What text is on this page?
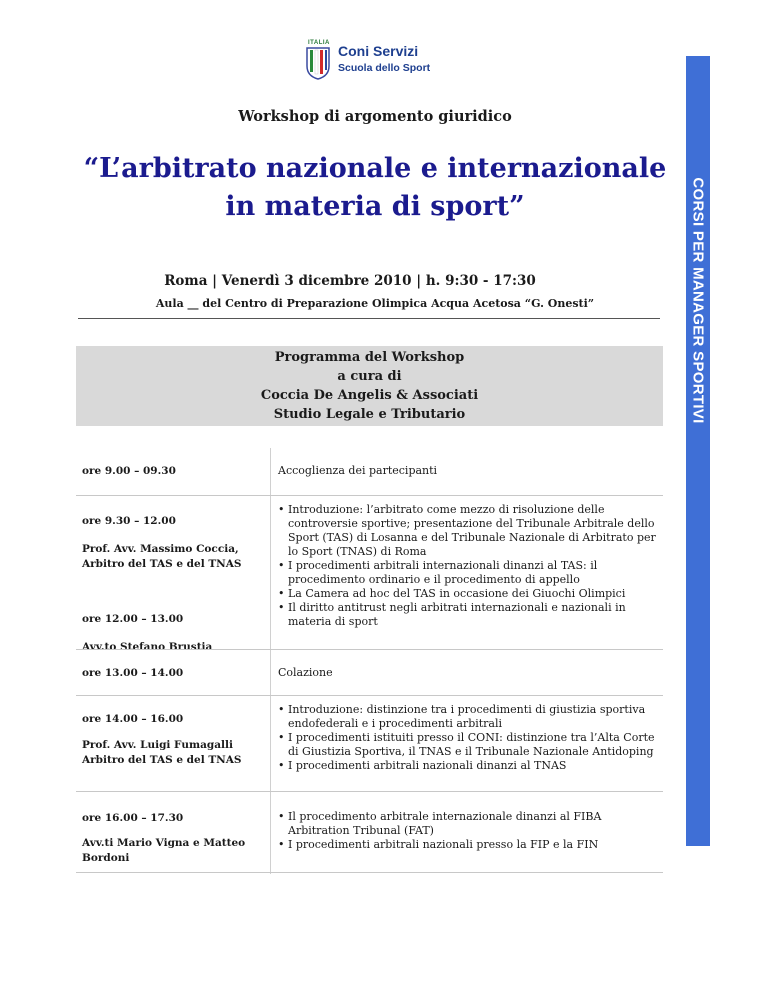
ITALIA Coni Servizi
Scuola dello Sport
CORSI PER MANAGER SPORTIVI
Workshop di argomento giuridico
“L’arbitrato nazionale e internazionale
in materia di sport”
Roma | Venerdì 3 dicembre 2010 | h. 9:30 - 17:30
Aula __ del Centro di Preparazione Olimpica Acqua Acetosa “G. Onesti”
Programma del Workshop
a cura di
Coccia De Angelis & Associati
Studio Legale e Tributario
ore 9.00 – 09.30	Accoglienza dei partecipanti
ore 9.30 – 12.00
Prof. Avv. Massimo Coccia, Arbitro del TAS e del TNAS
ore 12.00 – 13.00
Avv.to Stefano Brustia
• Introduzione: l’arbitrato come mezzo di risoluzione delle controversie sportive; presentazione del Tribunale Arbitrale dello Sport (TAS) di Losanna e del Tribunale Nazionale di Arbitrato per lo Sport (TNAS) di Roma
• I procedimenti arbitrali internazionali dinanzi al TAS: il procedimento ordinario e il procedimento di appello
• La Camera ad hoc del TAS in occasione dei Giuochi Olimpici
• Il diritto antitrust negli arbitrati internazionali e nazionali in materia di sport
ore 13.00 – 14.00	Colazione
ore 14.00 – 16.00
Prof. Avv. Luigi Fumagalli Arbitro del TAS e del TNAS
• Introduzione: distinzione tra i procedimenti di giustizia sportiva endofederali e i procedimenti arbitrali
• I procedimenti istituiti presso il CONI: distinzione tra l’Alta Corte di Giustizia Sportiva, il TNAS e il Tribunale Nazionale Antidoping
• I procedimenti arbitrali nazionali dinanzi al TNAS
ore 16.00 – 17.30
Avv.ti Mario Vigna e Matteo Bordoni
• Il procedimento arbitrale internazionale dinanzi al FIBA Arbitration Tribunal (FAT)
• I procedimenti arbitrali nazionali presso la FIP e la FIN
